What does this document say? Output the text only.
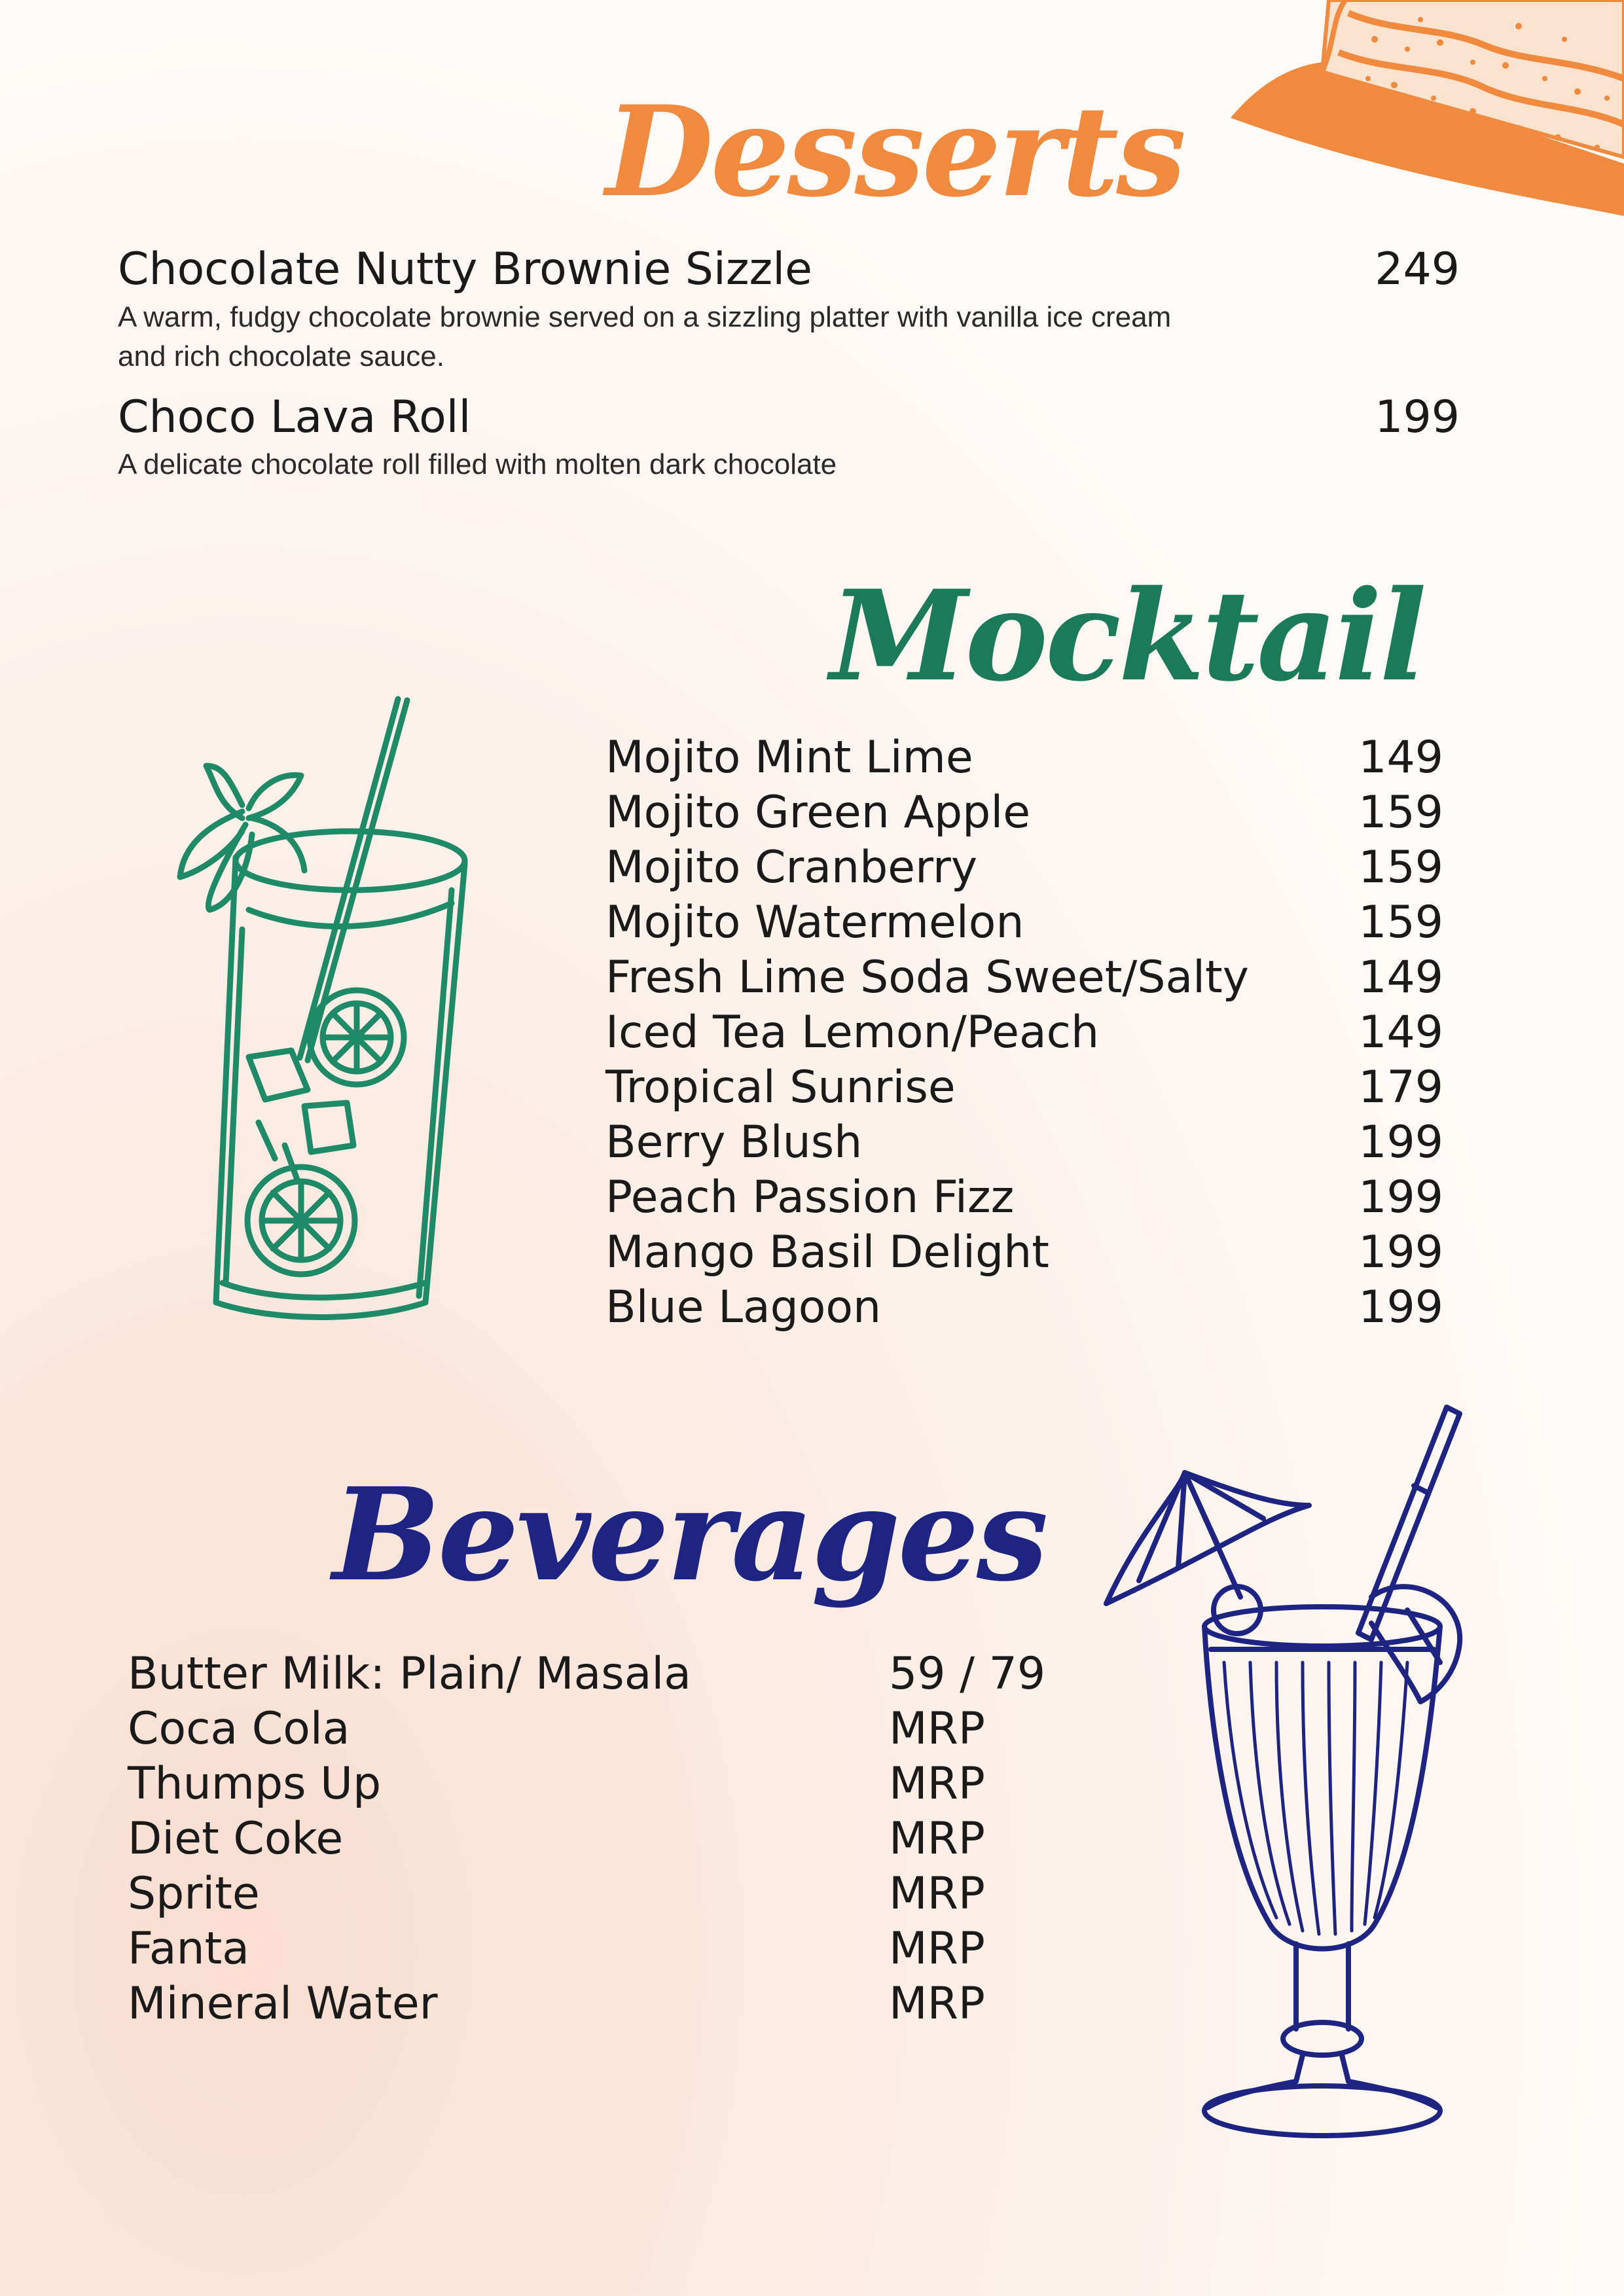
Desserts
Chocolate Nutty Brownie Sizzle	249
A warm, fudgy chocolate brownie served on a sizzling platter with vanilla ice cream
and rich chocolate sauce.
Choco Lava Roll	199
A delicate chocolate roll filled with molten dark chocolate
Mocktail
Mojito Mint Lime	149
Mojito Green Apple	159
Mojito Cranberry	159
Mojito Watermelon	159
Fresh Lime Soda Sweet/Salty 149
Iced Tea Lemon/Peach	149
Tropical Sunrise	179
Berry Blush	199
Peach Passion Fizz	199
Mango Basil Delight	199
Blue Lagoon	199
Beverages
Butter Milk: Plain/ Masala	59 / 79
Coca Cola	MRP
Thumps Up	MRP
Diet Coke	MRP
Sprite	MRP
Fanta	MRP
Mineral Water	MRP
